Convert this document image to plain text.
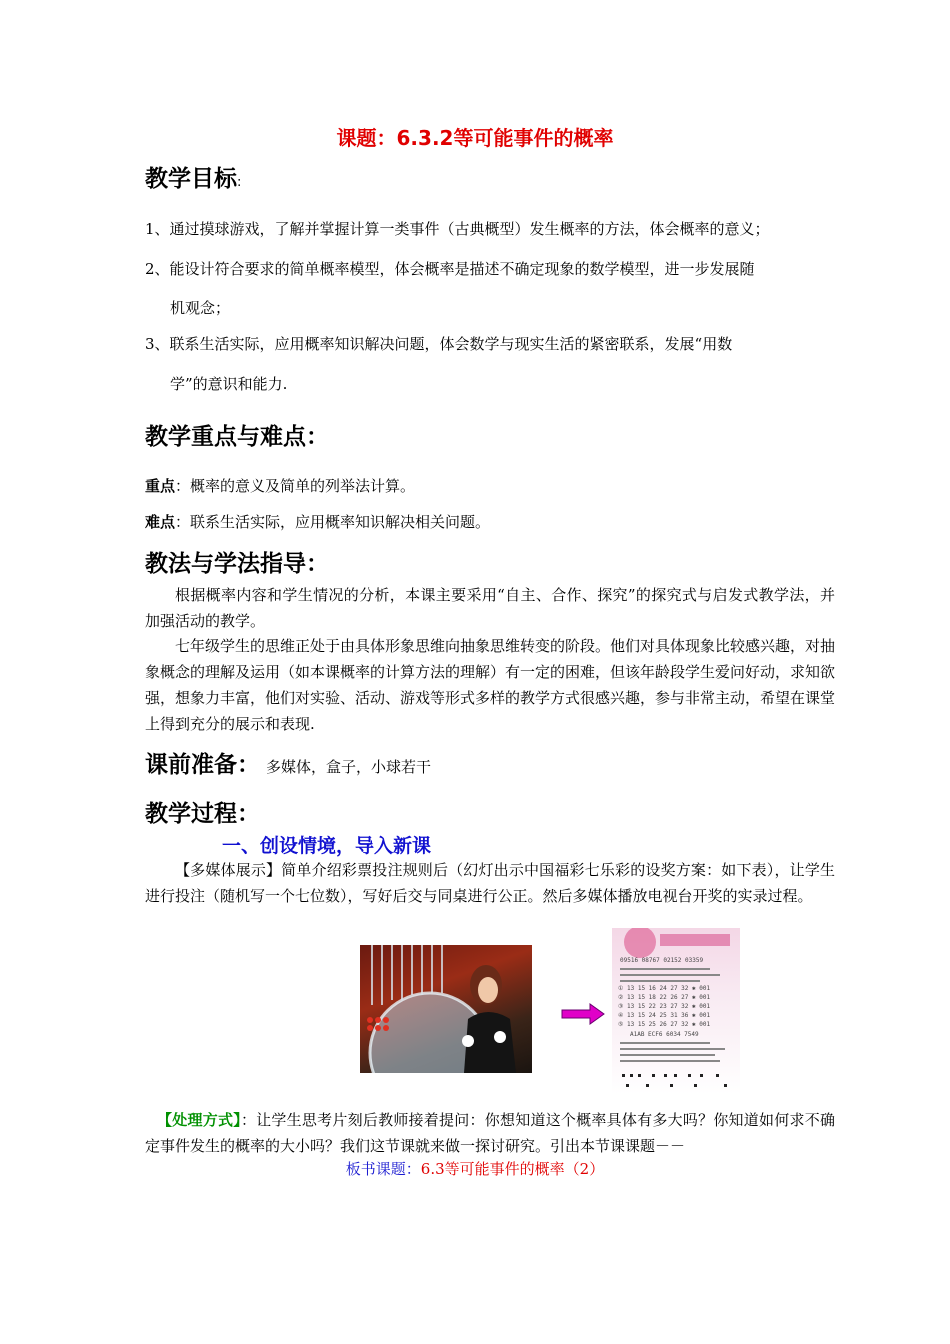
课题：6.3.2等可能事件的概率
教学目标:
1、通过摸球游戏，了解并掌握计算一类事件（古典概型）发生概率的方法，体会概率的意义；
2、能设计符合要求的简单概率模型，体会概率是描述不确定现象的数学模型，进一步发展随
机观念；
3、联系生活实际，应用概率知识解决问题，体会数学与现实生活的紧密联系，发展“用数
学”的意识和能力.
教学重点与难点：
重点：概率的意义及简单的列举法计算。
难点：联系生活实际，应用概率知识解决相关问题。
教法与学法指导：
根据概率内容和学生情况的分析，本课主要采用“自主、合作、探究”的探究式与启发式教学法，并加强活动的教学。
七年级学生的思维正处于由具体形象思维向抽象思维转变的阶段。他们对具体现象比较感兴趣，对抽象概念的理解及运用（如本课概率的计算方法的理解）有一定的困难，但该年龄段学生爱问好动，求知欲强，想象力丰富，他们对实验、活动、游戏等形式多样的教学方式很感兴趣，参与非常主动，希望在课堂上得到充分的展示和表现.
课前准备： 多媒体，盒子，小球若干
教学过程：
一、创设情境，导入新课
【多媒体展示】简单介绍彩票投注规则后（幻灯出示中国福彩七乐彩的设奖方案：如下表），让学生进行投注（随机写一个七位数），写好后交与同桌进行公正。然后多媒体播放电视台开奖的实录过程。
09516 08767 02152 03359
① 13 15 16 24 27 32 ✱ 001
② 13 15 18 22 26 27 ✱ 001
③ 13 15 22 23 27 32 ✱ 001
④ 13 15 24 25 31 36 ✱ 001
⑤ 13 15 25 26 27 32 ✱ 001
A1AB ECF6 6034 7549
【处理方式】：让学生思考片刻后教师接着提问：你想知道这个概率具体有多大吗？你知道如何求不确定事件发生的概率的大小吗？我们这节课就来做一探讨研究。引出本节课课题－－
板书课题：6.3等可能事件的概率（2）
